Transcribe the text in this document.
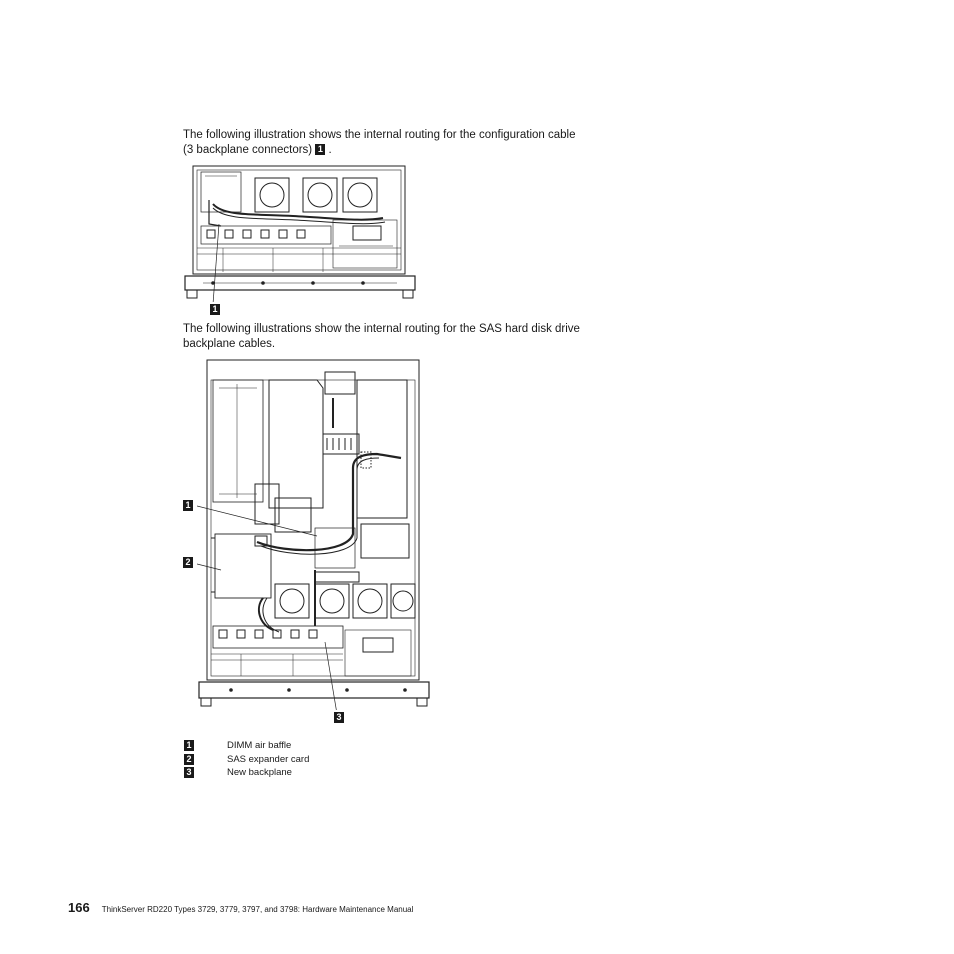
The following illustration shows the internal routing for the configuration cable (3 backplane connectors) 1 .

1

The following illustrations show the internal routing for the SAS hard disk drive backplane cables.

1
2
3
1	DIMM air baffle
2	SAS expander card
3	New backplane
166 ThinkServer RD220 Types 3729, 3779, 3797, and 3798: Hardware Maintenance Manual
